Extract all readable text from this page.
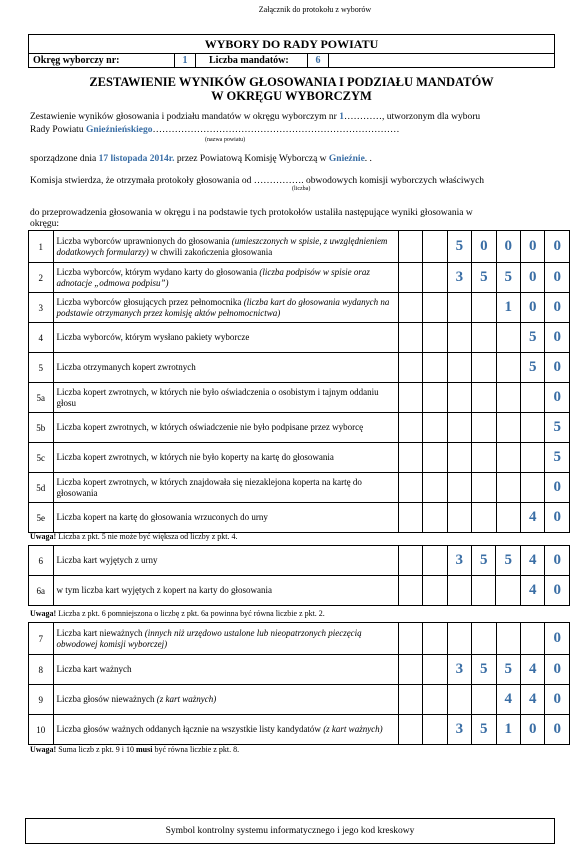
Załącznik do protokołu z wyborów
WYBORY DO RADY POWIATU
Okręg wyborczy nr:	1	Liczba mandatów:	6
ZESTAWIENIE WYNIKÓW GŁOSOWANIA I PODZIAŁU MANDATÓW
W OKRĘGU WYBORCZYM
Zestawienie wyników głosowania i podziału mandatów w okręgu wyborczym nr 1…………, utworzonym dla wyboru
Rady Powiatu Gnieźnieńskiego……………………………………………………………………
(nazwa powiatu)
sporządzone dnia 17 listopada 2014r. przez Powiatową Komisję Wyborczą w Gnieźnie. .
Komisja stwierdza, że otrzymała protokoły głosowania od ……………. obwodowych komisji wyborczych właściwych
(liczba)
do przeprowadzenia głosowania w okręgu i na podstawie tych protokołów ustaliła następujące wyniki głosowania w
okręgu:
1	Liczba wyborców uprawnionych do głosowania (umieszczonych w spisie, z uwzględnieniem dodatkowych formularzy) w chwili zakończenia głosowania			5	0	0	0	0
2	Liczba wyborców, którym wydano karty do głosowania (liczba podpisów w spisie oraz adnotacje „odmowa podpisu”)			3	5	5	0	0
3	Liczba wyborców głosujących przez pełnomocnika (liczba kart do głosowania wydanych na podstawie otrzymanych przez komisję aktów pełnomocnictwa)					1	0	0
4	Liczba wyborców, którym wysłano pakiety wyborcze						5	0
5	Liczba otrzymanych kopert zwrotnych						5	0
5a	Liczba kopert zwrotnych, w których nie było oświadczenia o osobistym i tajnym oddaniu głosu							0
5b	Liczba kopert zwrotnych, w których oświadczenie nie było podpisane przez wyborcę							5
5c	Liczba kopert zwrotnych, w których nie było koperty na kartę do głosowania							5
5d	Liczba kopert zwrotnych, w których znajdowała się niezaklejona koperta na kartę do głosowania							0
5e	Liczba kopert na kartę do głosowania wrzuconych do urny						4	0
Uwaga! Liczba z pkt. 5 nie może być większa od liczby z pkt. 4.
6	Liczba kart wyjętych z urny			3	5	5	4	0
6a	w tym liczba kart wyjętych z kopert na karty do głosowania						4	0
Uwaga! Liczba z pkt. 6 pomniejszona o liczbę z pkt. 6a powinna być równa liczbie z pkt. 2.
7	Liczba kart nieważnych (innych niż urzędowo ustalone lub nieopatrzonych pieczęcią obwodowej komisji wyborczej)							0
8	Liczba kart ważnych			3	5	5	4	0
9	Liczba głosów nieważnych (z kart ważnych)					4	4	0
10	Liczba głosów ważnych oddanych łącznie na wszystkie listy kandydatów (z kart ważnych)			3	5	1	0	0
Uwaga! Suma liczb z pkt. 9 i 10 musi być równa liczbie z pkt. 8.
Symbol kontrolny systemu informatycznego i jego kod kreskowy
